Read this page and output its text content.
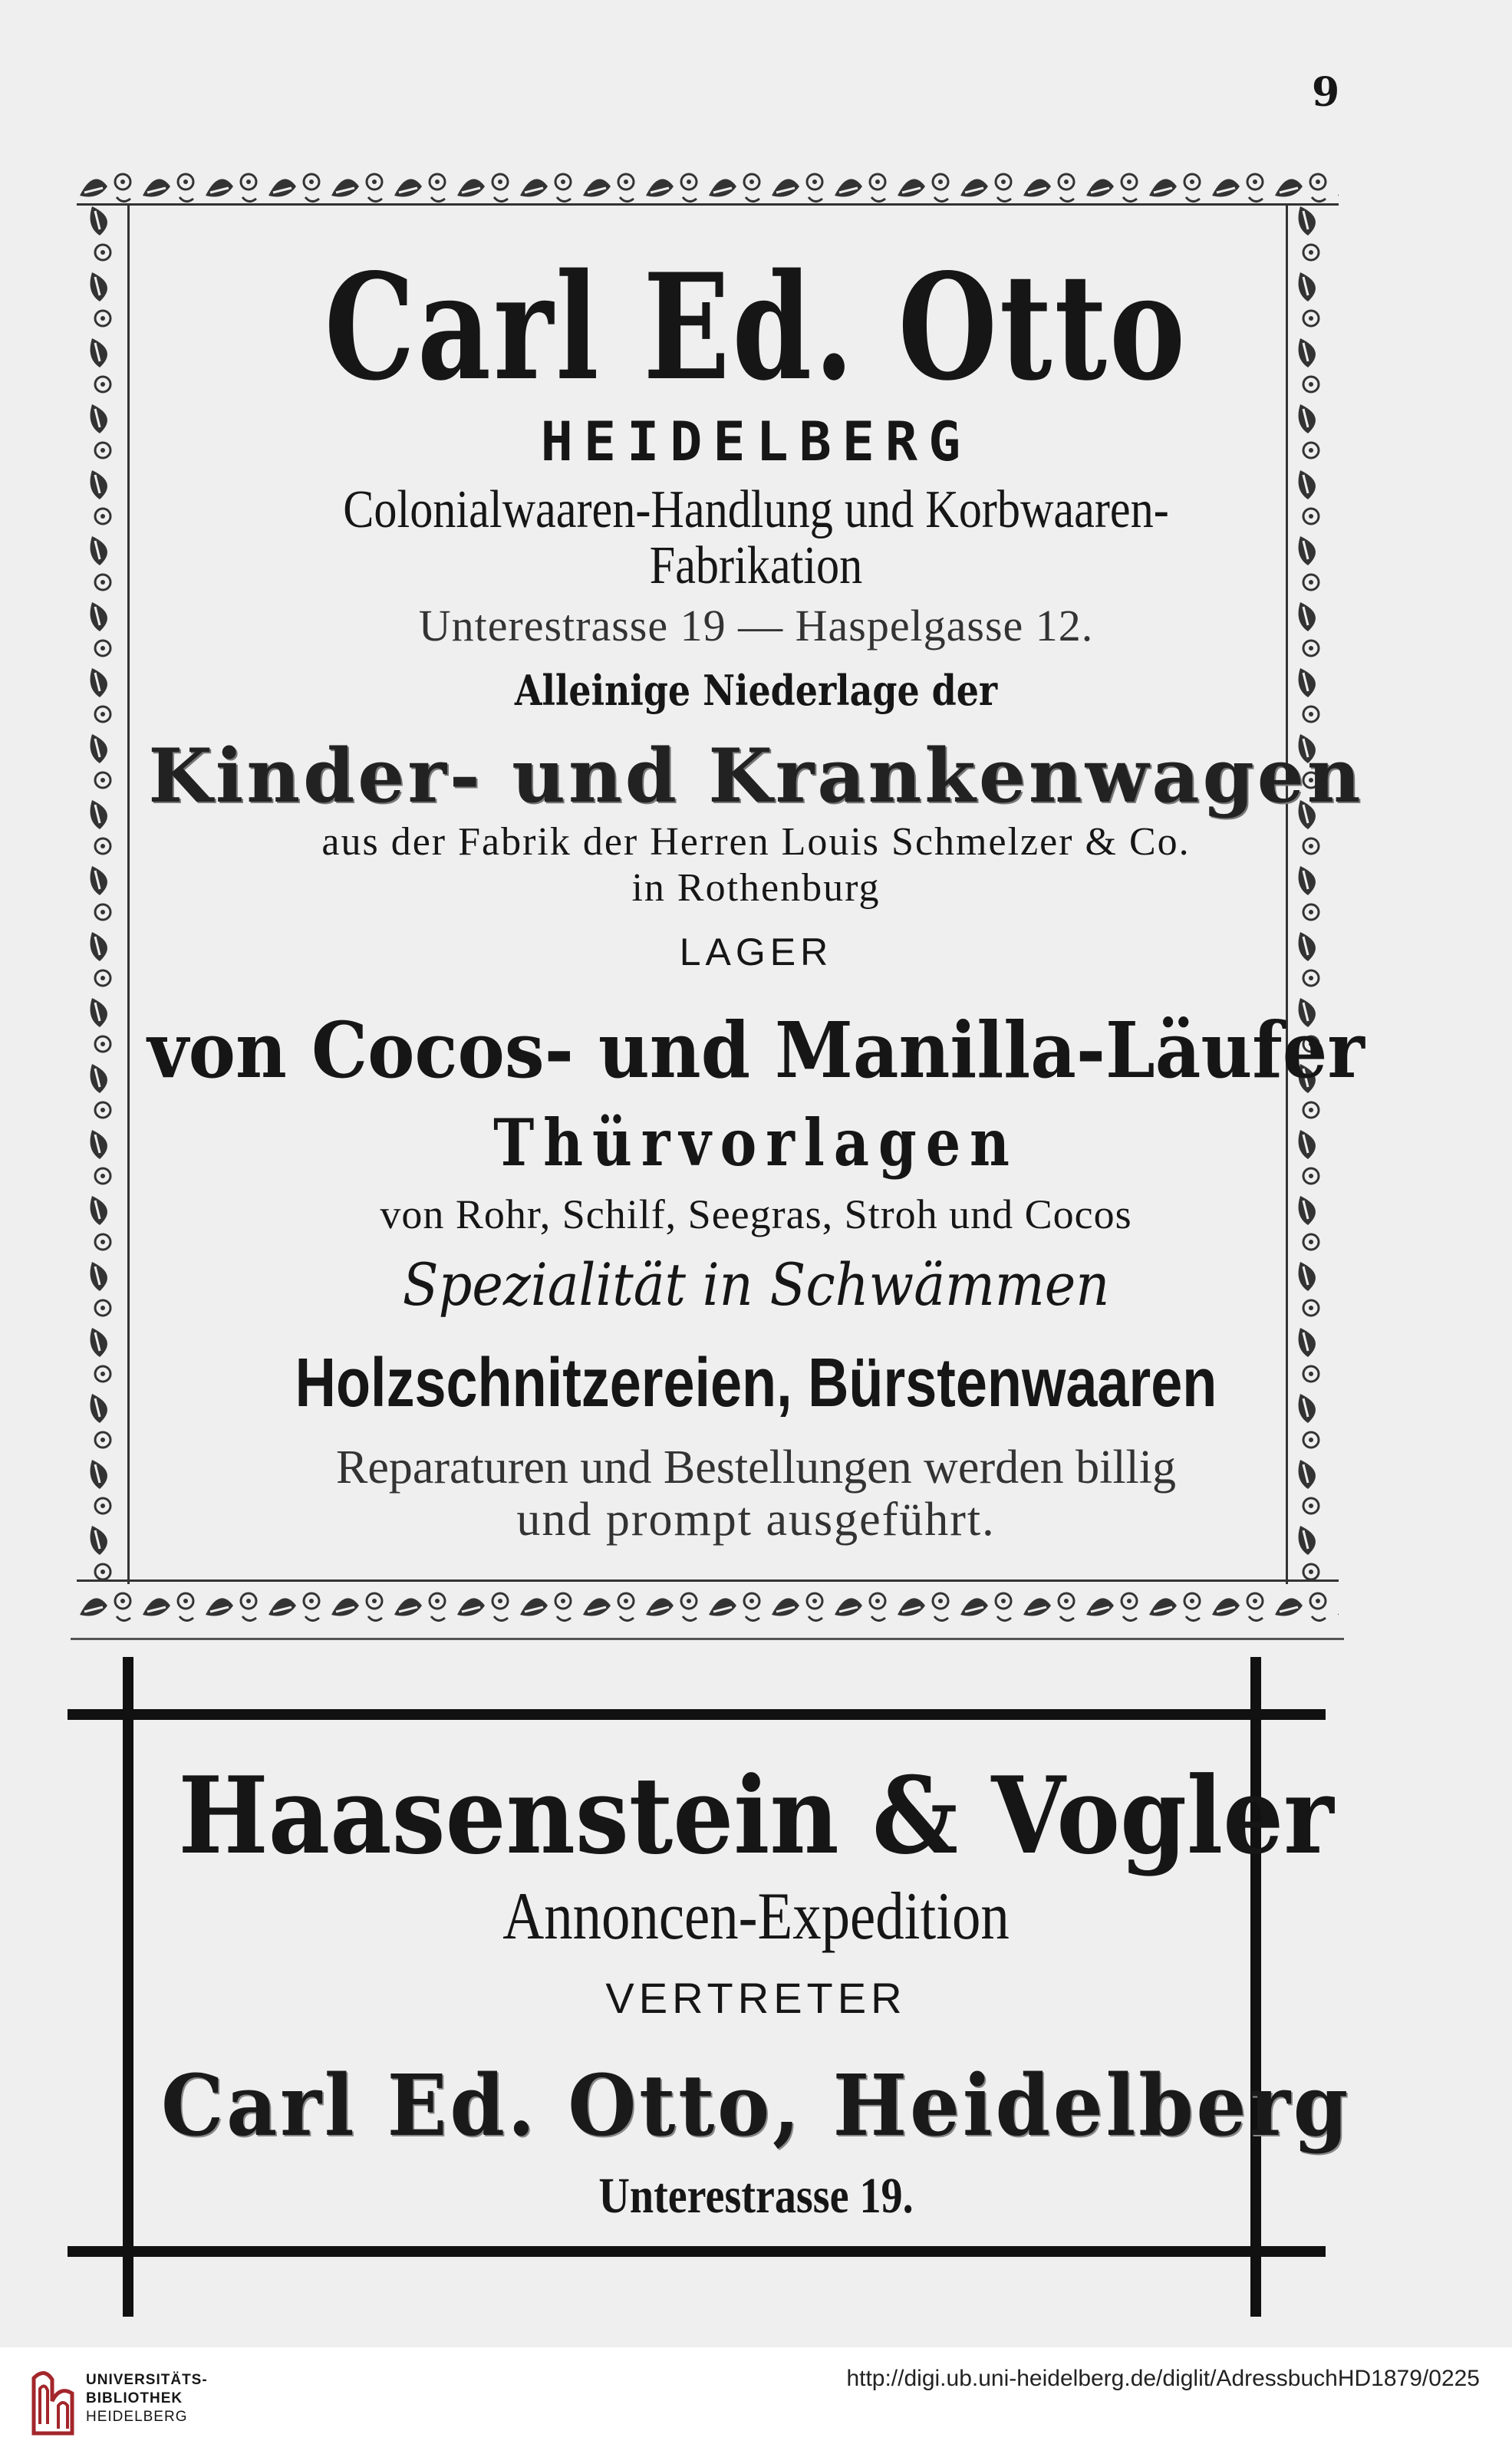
9
Carl Ed. Otto
HEIDELBERG
Colonialwaaren-Handlung und Korbwaaren-
Fabrikation
Unterestrasse 19 — Haspelgasse 12.
Alleinige Niederlage der
Kinder- und Krankenwagen
aus der Fabrik der Herren Louis Schmelzer & Co.
in Rothenburg
LAGER
von Cocos- und Manilla-Läufer
Thürvorlagen
von Rohr, Schilf, Seegras, Stroh und Cocos
Spezialität in Schwämmen
Holzschnitzereien, Bürstenwaaren
Reparaturen und Bestellungen werden billig
und prompt ausgeführt.
Haasenstein & Vogler
Annoncen-Expedition
VERTRETER
Carl Ed. Otto, Heidelberg
Unterestrasse 19.
UNIVERSITÄTS-
BIBLIOTHEK
HEIDELBERG
http://digi.ub.uni-heidelberg.de/diglit/AdressbuchHD1879/0225
